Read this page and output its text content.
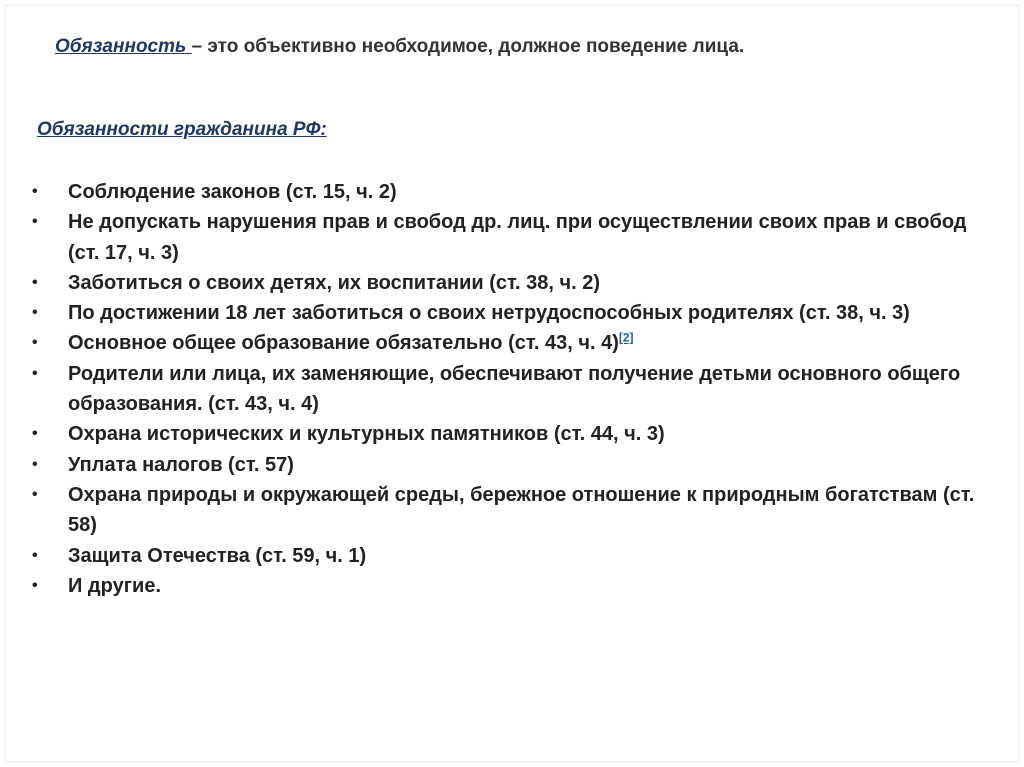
Обязанность – это объективно необходимое, должное поведение лица.
Обязанности гражданина РФ:
• Соблюдение законов (ст. 15, ч. 2)
• Не допускать нарушения прав и свобод др. лиц. при осуществлении своих прав и свобод (ст. 17, ч. 3)
• Заботиться о своих детях, их воспитании (ст. 38, ч. 2)
• По достижении 18 лет заботиться о своих нетрудоспособных родителях (ст. 38, ч. 3)
• Основное общее образование обязательно (ст. 43, ч. 4)[2]
• Родители или лица, их заменяющие, обеспечивают получение детьми основного общего образования. (ст. 43, ч. 4)
• Охрана исторических и культурных памятников (ст. 44, ч. 3)
• Уплата налогов (ст. 57)
• Охрана природы и окружающей среды, бережное отношение к природным богатствам (ст. 58)
• Защита Отечества (ст. 59, ч. 1)
• И другие.
